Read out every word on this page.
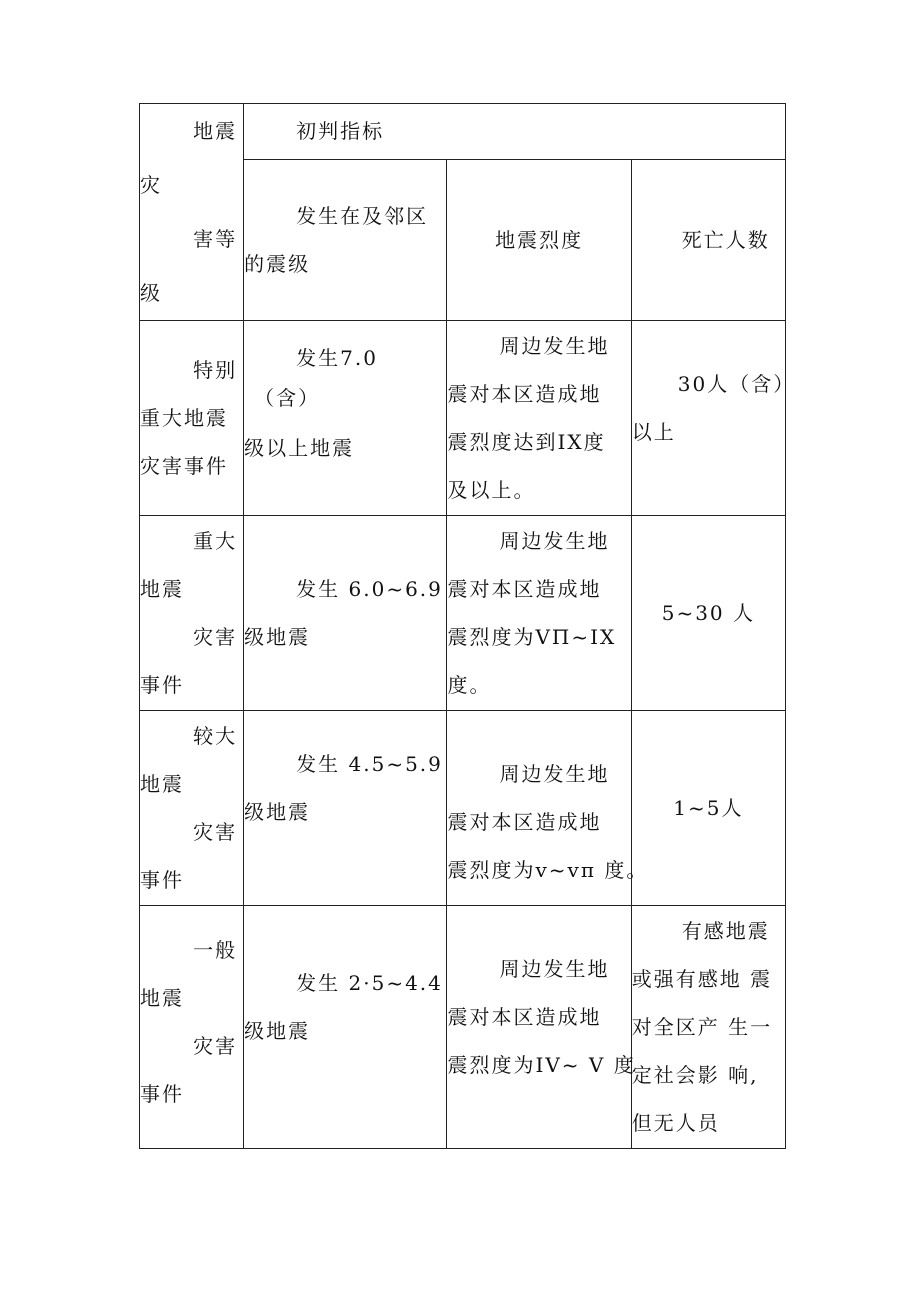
地震
灾
害等
级	初判指标		

	发生在及邻区
的震级	地震烈度	死亡人数

特别
重大地震
灾害事件	发生7.0
（含）
级以上地震	周边发生地
震对本区造成地
震烈度达到IX度
及以上。	30人（含）
以上

重大
地震
灾害
事件	发生 6.0~6.9
级地震	周边发生地
震对本区造成地
震烈度为VΠ~IX
度。	5~30 人

较大
地震
灾害
事件	发生 4.5~5.9
级地震	周边发生地
震对本区造成地
震烈度为v~vπ 度。	1~5人

一般
地震
灾害
事件	发生 2·5~4.4
级地震	周边发生地
震对本区造成地
震烈度为IV~ V 度	有感地震
或强有感地 震
对全区产 生一
定社会影 响,
但无人员
